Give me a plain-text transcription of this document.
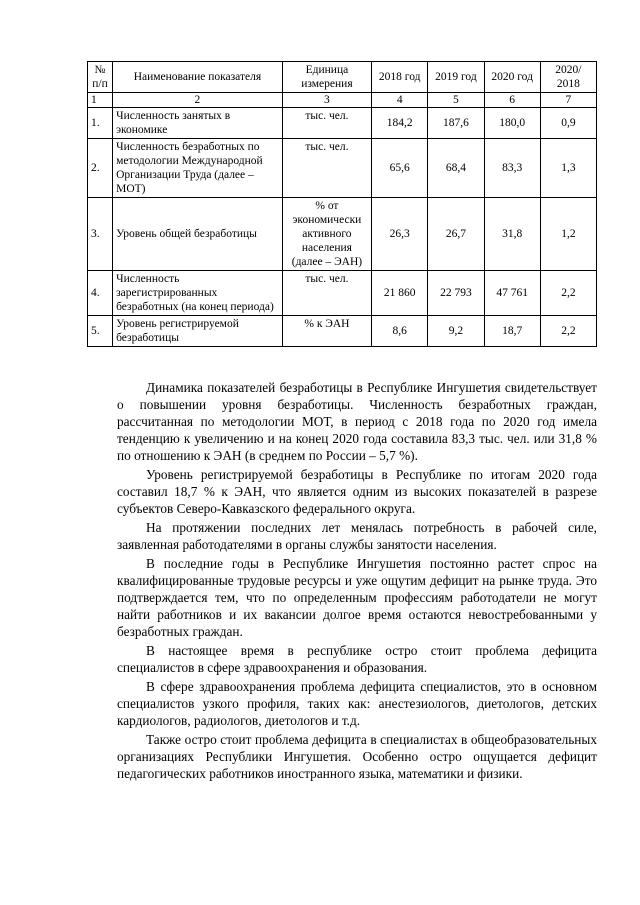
№ п/п	Наименование показателя	Единица измерения	2018 год	2019 год	2020 год	2020/ 2018
1	2	3	4	5	6	7
1.	Численность занятых в экономике	тыс. чел.	184,2	187,6	180,0	0,9
2.	Численность безработных по методологии Международной Организации Труда (далее –МОТ)	тыс. чел.	65,6	68,4	83,3	1,3
3.	Уровень общей безработицы	% от экономически активного населения (далее – ЭАН)	26,3	26,7	31,8	1,2
4.	Численность зарегистрированных безработных (на конец периода)	тыс. чел.	21 860	22 793	47 761	2,2
5.	Уровень регистрируемой безработицы	% к ЭАН	8,6	9,2	18,7	2,2

Динамика показателей безработицы в Республике Ингушетия свидетельствует о повышении уровня безработицы. Численность безработных граждан, рассчитанная по методологии МОТ, в период с 2018 года по 2020 год имела тенденцию к увеличению и на конец 2020 года составила 83,3 тыс. чел. или 31,8 % по отношению к ЭАН (в среднем по России – 5,7 %).

Уровень регистрируемой безработицы в Республике по итогам 2020 года составил 18,7 % к ЭАН, что является одним из высоких показателей в разрезе субъектов Северо-Кавказского федерального округа.

На протяжении последних лет менялась потребность в рабочей силе, заявленная работодателями в органы службы занятости населения.

В последние годы в Республике Ингушетия постоянно растет спрос на квалифицированные трудовые ресурсы и уже ощутим дефицит на рынке труда. Это подтверждается тем, что по определенным профессиям работодатели не могут найти работников и их вакансии долгое время остаются невостребованными у безработных граждан.

В настоящее время в республике остро стоит проблема дефицита специалистов в сфере здравоохранения и образования.

В сфере здравоохранения проблема дефицита специалистов, это в основном специалистов узкого профиля, таких как: анестезиологов, диетологов, детских кардиологов, радиологов, диетологов и т.д.

Также остро стоит проблема дефицита в специалистах в общеобразовательных организациях Республики Ингушетия. Особенно остро ощущается дефицит педагогических работников иностранного языка, математики и физики.
